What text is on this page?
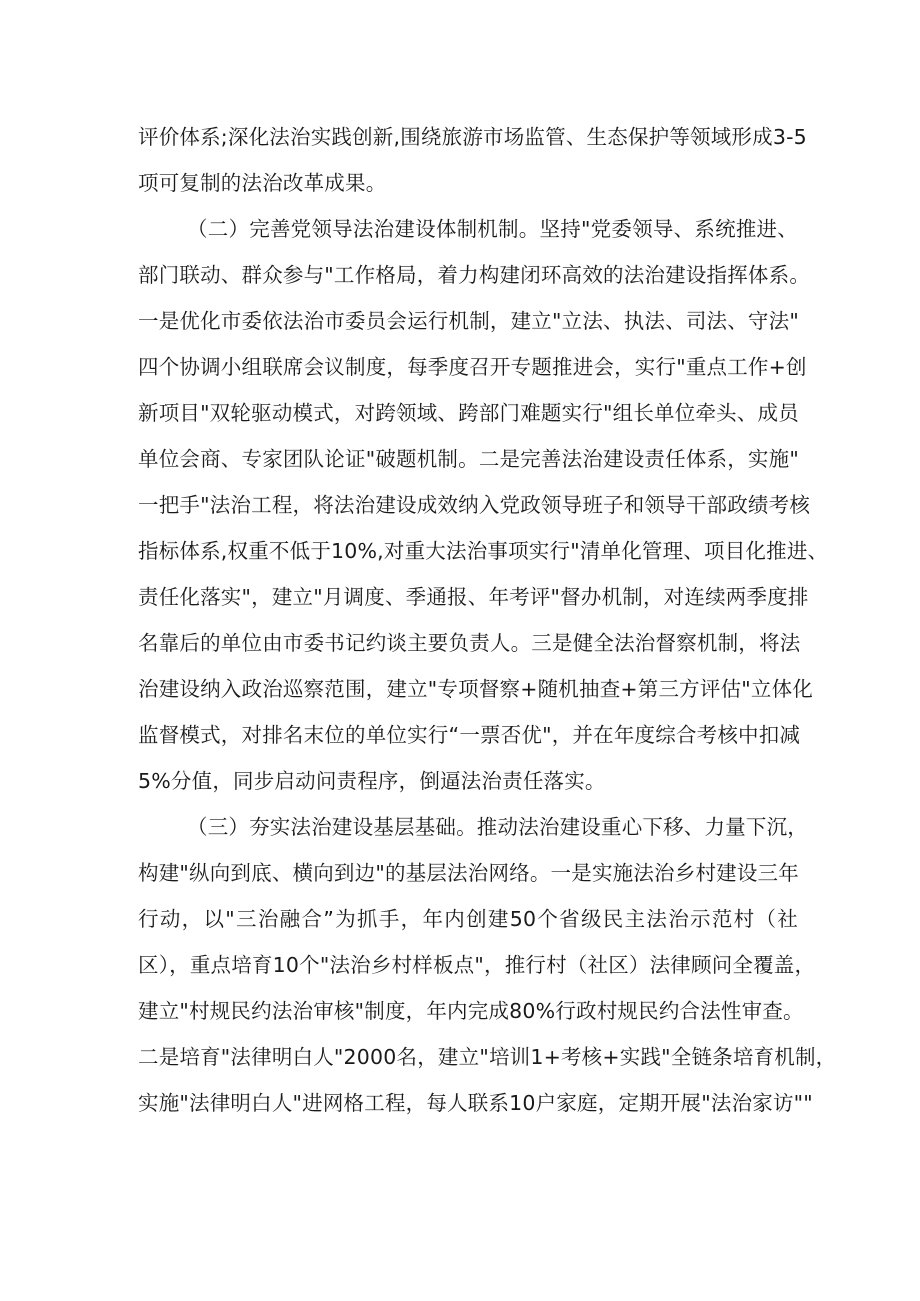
评价体系;深化法治实践创新,围绕旅游市场监管、生态保护等领域形成3-5
项可复制的法治改革成果。
（二）完善党领导法治建设体制机制。坚持"党委领导、系统推进、
部门联动、群众参与"工作格局，着力构建闭环高效的法治建设指挥体系。
一是优化市委依法治市委员会运行机制，建立"立法、执法、司法、守法"
四个协调小组联席会议制度，每季度召开专题推进会，实行"重点工作+创
新项目"双轮驱动模式，对跨领域、跨部门难题实行"组长单位牵头、成员
单位会商、专家团队论证"破题机制。二是完善法治建设责任体系，实施"
一把手"法治工程，将法治建设成效纳入党政领导班子和领导干部政绩考核
指标体系,权重不低于10%,对重大法治事项实行"清单化管理、项目化推进、
责任化落实"，建立"月调度、季通报、年考评"督办机制，对连续两季度排
名靠后的单位由市委书记约谈主要负责人。三是健全法治督察机制，将法
治建设纳入政治巡察范围，建立"专项督察+随机抽查+第三方评估"立体化
监督模式，对排名末位的单位实行“一票否优"，并在年度综合考核中扣减
5%分值，同步启动问责程序，倒逼法治责任落实。
（三）夯实法治建设基层基础。推动法治建设重心下移、力量下沉，
构建"纵向到底、横向到边"的基层法治网络。一是实施法治乡村建设三年
行动，以"三治融合”为抓手，年内创建50个省级民主法治示范村（社
区），重点培育10个"法治乡村样板点"，推行村（社区）法律顾问全覆盖，
建立"村规民约法治审核"制度，年内完成80%行政村规民约合法性审查。
二是培育"法律明白人"2000名，建立"培训1+考核+实践"全链条培育机制，
实施"法律明白人"进网格工程，每人联系10户家庭，定期开展"法治家访""
